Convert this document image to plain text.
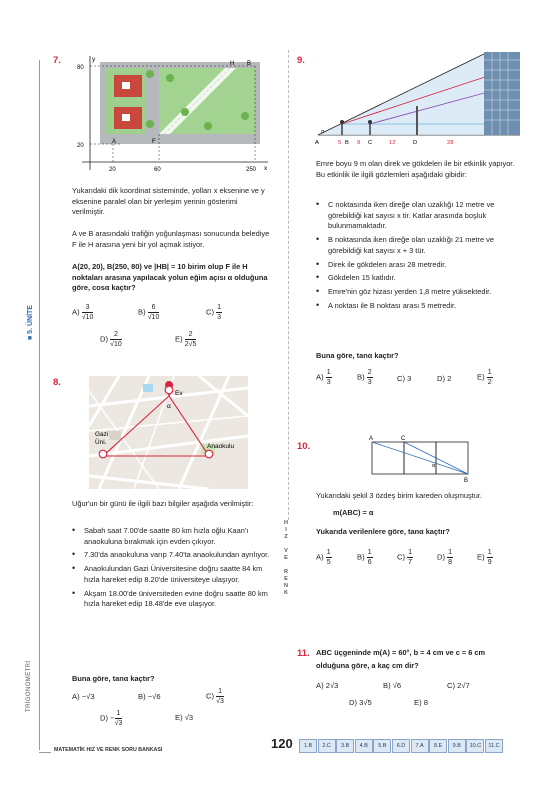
■ 5. ÜNİTE
TRİGONOMETRİ
H
I
Z

V
E

R
E
N
K
7.	y
x
80
20
20	60	250
A	F
H B

Yukarıdaki dik koordinat sisteminde, yolları x eksenine ve y eksenine paralel olan bir yerleşim yerinin gösterimi verilmiştir.

A ve B arasındaki trafiğin yoğunlaşması sonucunda belediye F ile H arasına yeni bir yol açmak istiyor.

A(20, 20), B(250, 80) ve |HB| = 10 birim olup F ile H noktaları arasına yapılacak yolun eğim açısı α olduğuna göre, cosα kaçtır?

$A) \frac{3}{√10}$	$B) \frac{6}{√10}$	$C) \frac{1}{3}$
$D) \frac{2}{√10}$	$E) \frac{2}{2√5}$
8.
Ev
α
Gazi
Üni.
Anaokulu

Uğur'un bir günü ile ilgili bazı bilgiler aşağıda verilmiştir:

• Sabah saat 7.00'de saatte 80 km hızla oğlu Kaan'ı anaokuluna bırakmak için evden çıkıyor.
• 7.30'da anaokuluna varıp 7.40'ta anaokulundan ayrılıyor.
• Anaokulundan Gazi Üniversitesine doğru saatte 84 km hızla hareket edip 8.20'de üniversiteye ulaşıyor.
• Akşam 18.00'de üniversiteden evine doğru saatte 80 km hızla hareket edip 18.48'de eve ulaşıyor.

Buna göre, tanα kaçtır?

A) −√3	B) −√6	$C) \frac{1}{√3}$
$D) - \frac{1}{√3}$	E) √3
9.
α
A	5 B 9 C	12	D	28

Emre boyu 9 m olan direk ve gökdelen ile bir etkinlik yapıyor. Bu etkinlik ile ilgili gözlemleri aşağıdaki gibidir:

• C noktasında iken direğe olan uzaklığı 12 metre ve görebildiği kat sayısı x tir. Katlar arasında boşluk bulunmamaktadır.
• B noktasında iken direğe olan uzaklığı 21 metre ve görebildiği kat sayısı x + 3 tür.
• Direk ile gökdelen arası 28 metredir.
• Gökdelen 15 katlıdır.
• Emre'nin göz hizası yerden 1,8 metre yüksektedir.
• A noktası ile B noktası arası 5 metredir.

Buna göre, tanα kaçtır?

$A) \frac{1}{3}$	$B) \frac{2}{3}$	C) 3	D) 2	$E) \frac{1}{2}$
10.
A	C
B
α

Yukarıdaki şekil 3 özdeş birim kareden oluşmuştur.

m(ABC) = α

Yukarıda verilenlere göre, tanα kaçtır?

$A) \frac{1}{5}$	$B) \frac{1}{6}$	$C) \frac{1}{7}$	$D) \frac{1}{8}$	$E) \frac{1}{9}$
11. ABC üçgeninde m(A) = 60°, b = 4 cm ve c = 6 cm

olduğuna göre, a kaç cm dir?

A) 2√3	B) √6	C) 2√7
D) 3√5	E) 8
MATEMATİK HIZ VE RENK SORU BANKASI	120	1.B	2.C	3.B	4.B	5.B	6.D	7.A	8.E	9.B	10.C	11.C
